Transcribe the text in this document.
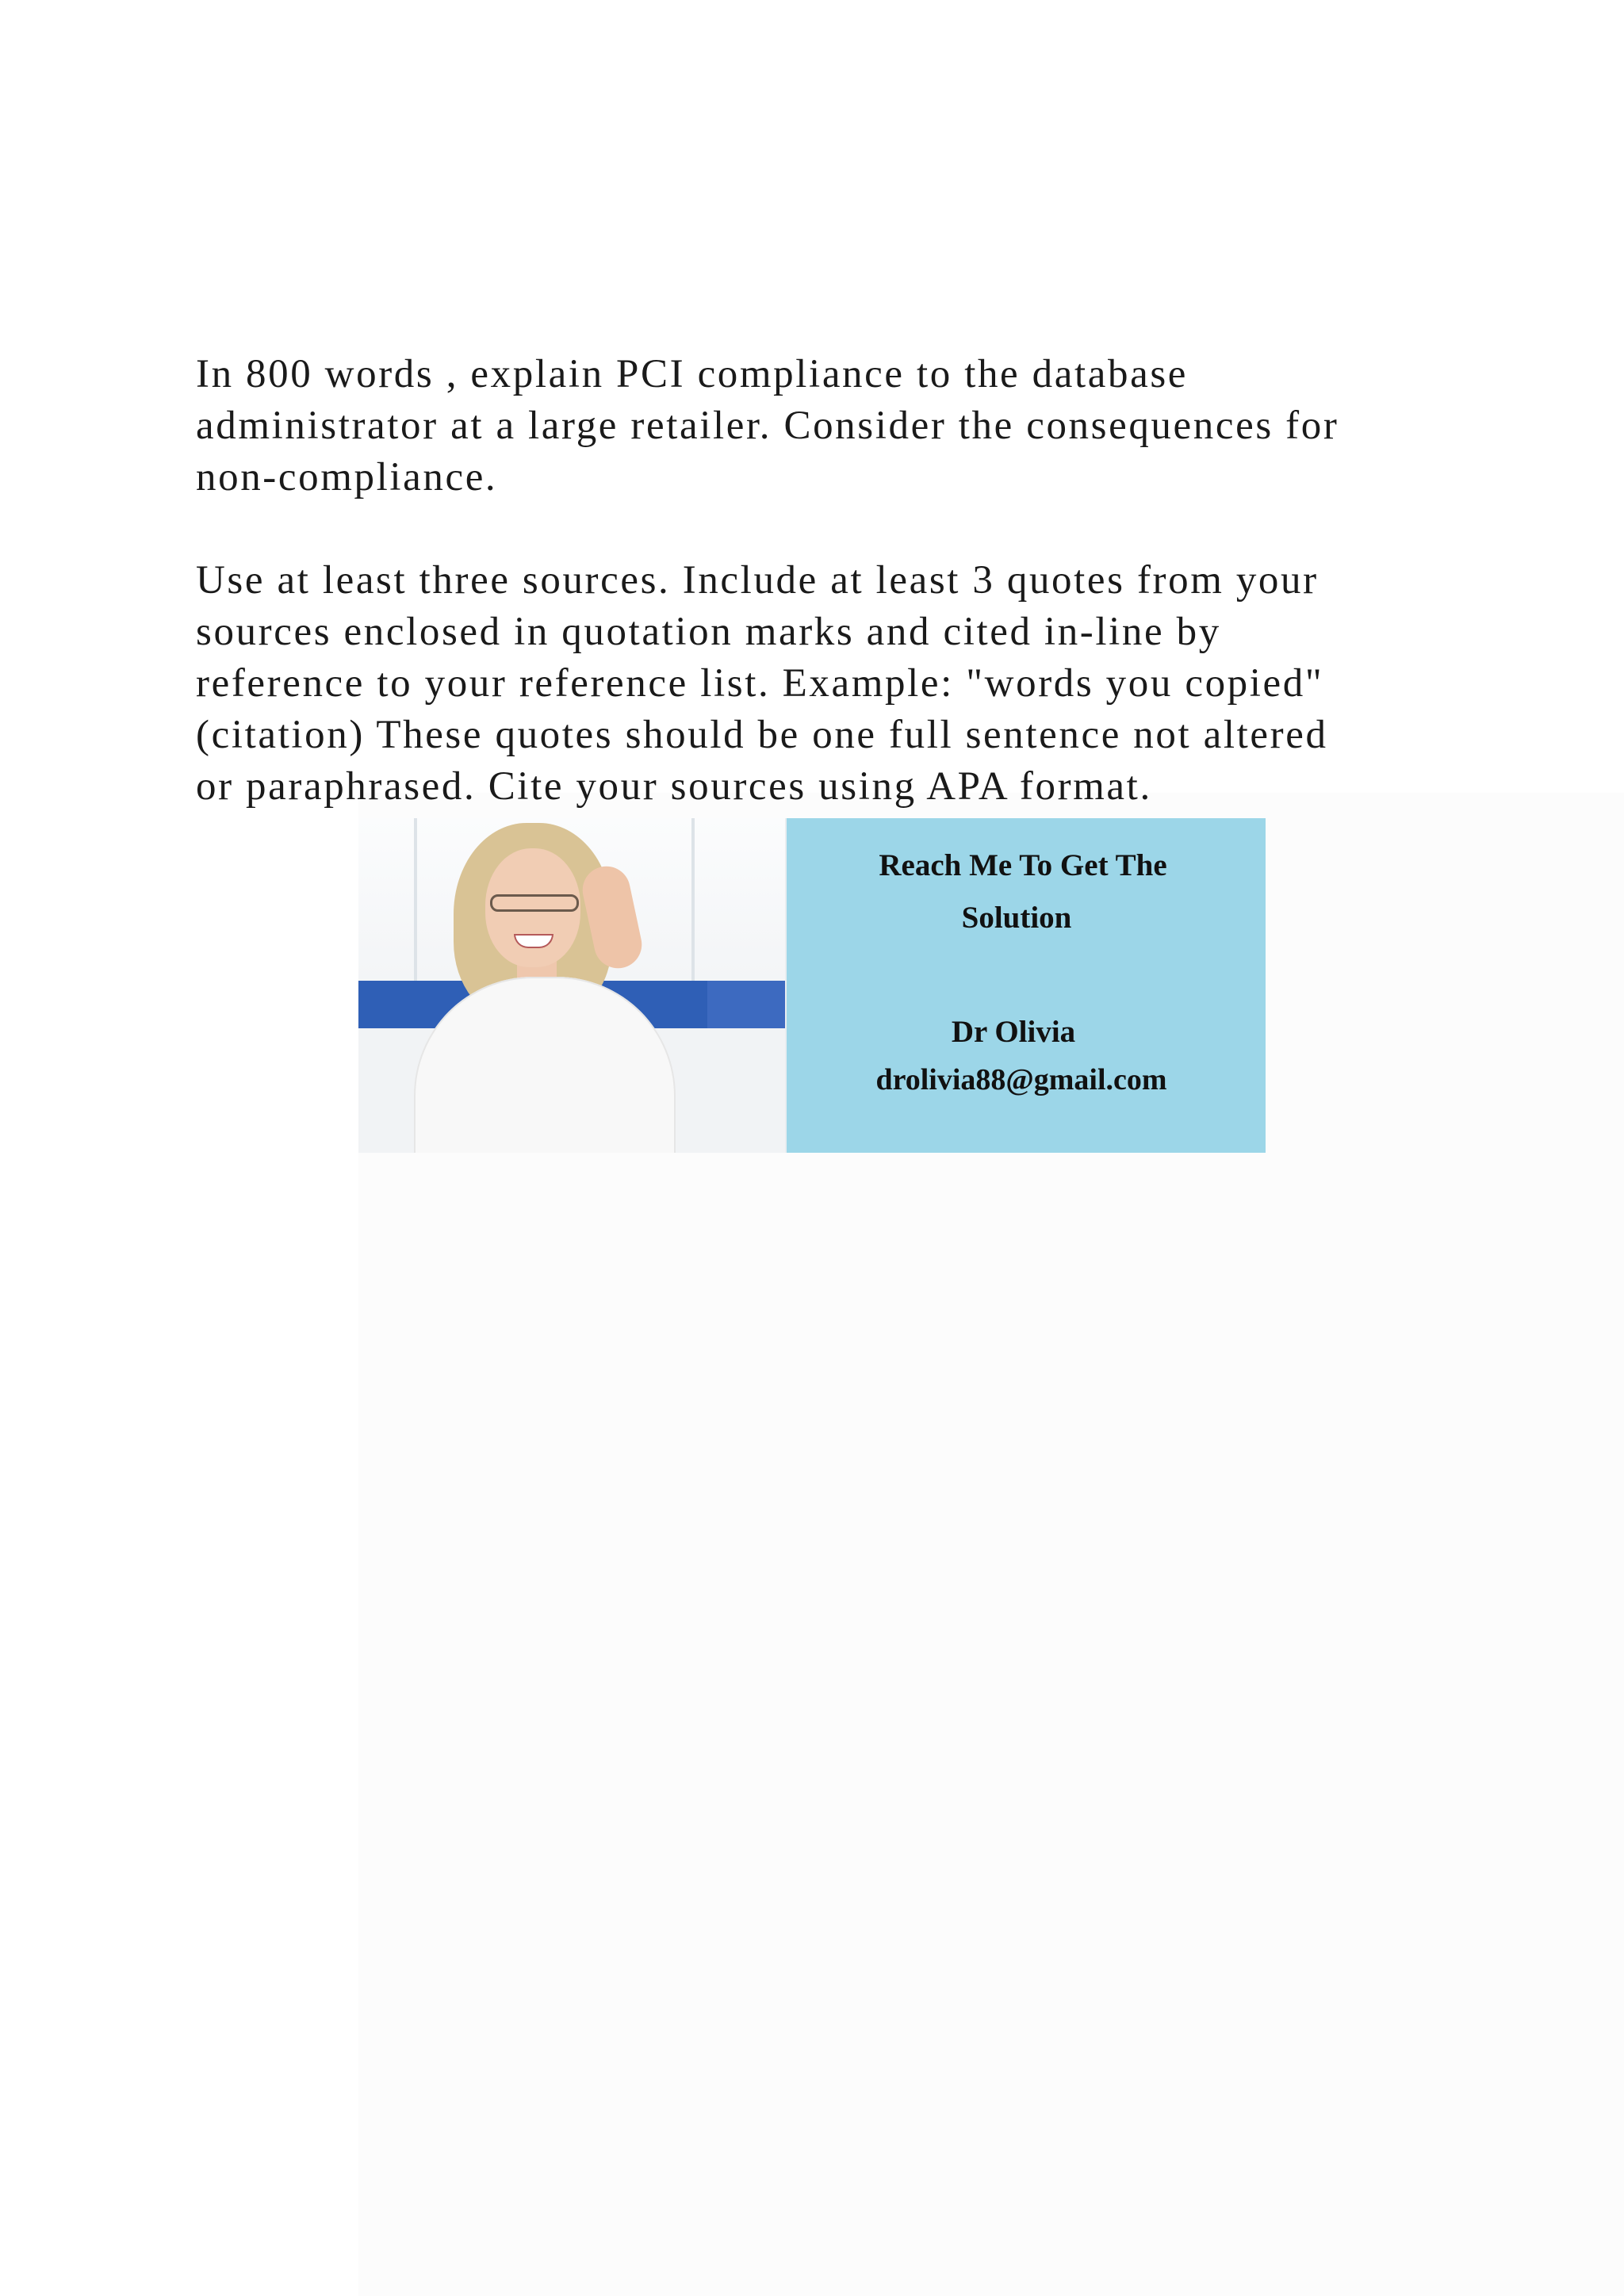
In 800 words , explain PCI compliance to the database
administrator at a large retailer. Consider the consequences for
non-compliance.

Use at least three sources. Include at least 3 quotes from your
sources enclosed in quotation marks and cited in-line by
reference to your reference list. Example: "words you copied"
(citation) These quotes should be one full sentence not altered
or paraphrased. Cite your sources using APA format.

Reach Me To Get The
Solution
Dr Olivia
drolivia88@gmail.com
